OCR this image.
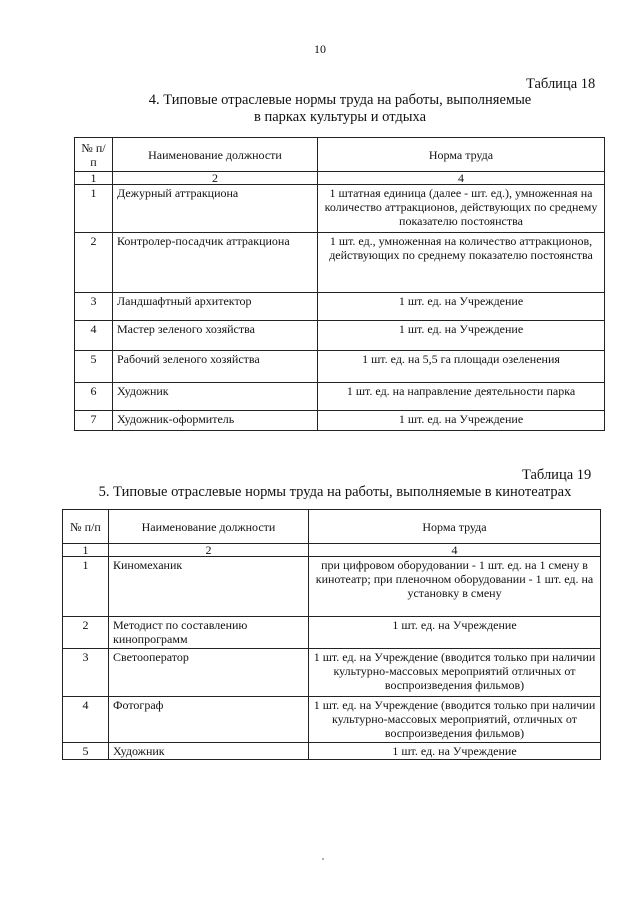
10
Таблица 18
4. Типовые отраслевые нормы труда на работы, выполняемые
в парках культуры и отдыха
№ п/п	Наименование должности	Норма труда
1	2	4
1	Дежурный аттракциона	1 штатная единица (далее - шт. ед.), умноженная на количество аттракционов, действующих по среднему показателю постоянства
2	Контролер-посадчик аттракциона	1 шт. ед., умноженная на количество аттракционов, действующих по среднему показателю постоянства
3	Ландшафтный архитектор	1 шт. ед. на Учреждение
4	Мастер зеленого хозяйства	1 шт. ед. на Учреждение
5	Рабочий зеленого хозяйства	1 шт. ед. на 5,5 га площади озеленения
6	Художник	1 шт. ед. на направление деятельности парка
7	Художник-оформитель	1 шт. ед. на Учреждение
Таблица 19
5. Типовые отраслевые нормы труда на работы, выполняемые в кинотеатрах
№ п/п	Наименование должности	Норма труда
1	2	4
1	Киномеханик	при цифровом оборудовании - 1 шт. ед. на 1 смену в кинотеатр; при пленочном оборудовании - 1 шт. ед. на установку в смену
2	Методист по составлению кинопрограмм	1 шт. ед. на Учреждение
3	Светооператор	1 шт. ед. на Учреждение (вводится только при наличии культурно-массовых мероприятий отличных от воспроизведения фильмов)
4	Фотограф	1 шт. ед. на Учреждение (вводится только при наличии культурно-массовых мероприятий, отличных от воспроизведения фильмов)
5	Художник	1 шт. ед. на Учреждение
